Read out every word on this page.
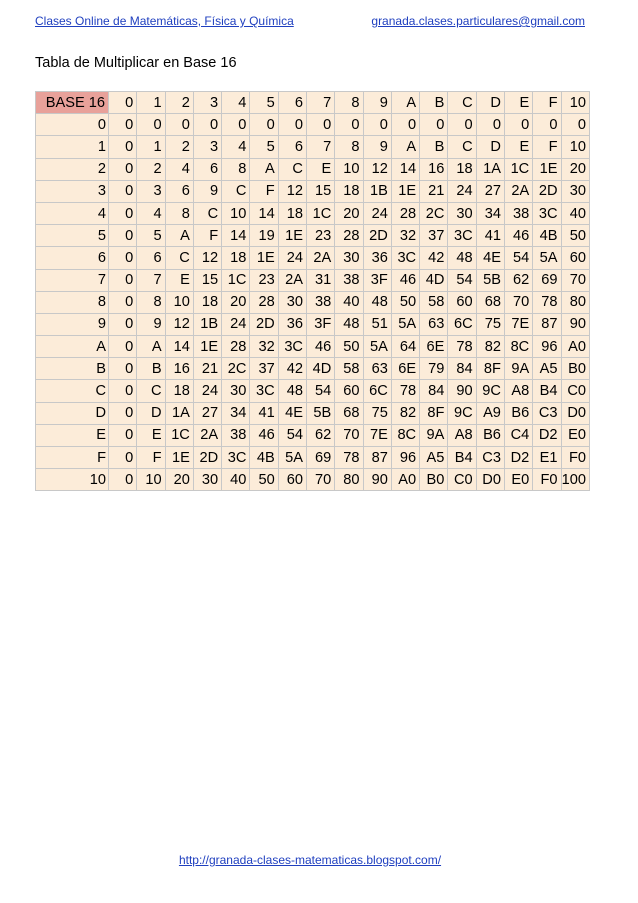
Clases Online de Matemáticas, Física y Química	granada.clases.particulares@gmail.com
Tabla de Multiplicar en Base 16
BASE 16	0	1	2	3	4	5	6	7	8	9	A	B	C	D	E	F	10
0	0	0	0	0	0	0	0	0	0	0	0	0	0	0	0	0	0
1	0	1	2	3	4	5	6	7	8	9	A	B	C	D	E	F	10
2	0	2	4	6	8	A	C	E	10	12	14	16	18	1A	1C	1E	20
3	0	3	6	9	C	F	12	15	18	1B	1E	21	24	27	2A	2D	30
4	0	4	8	C	10	14	18	1C	20	24	28	2C	30	34	38	3C	40
5	0	5	A	F	14	19	1E	23	28	2D	32	37	3C	41	46	4B	50
6	0	6	C	12	18	1E	24	2A	30	36	3C	42	48	4E	54	5A	60
7	0	7	E	15	1C	23	2A	31	38	3F	46	4D	54	5B	62	69	70
8	0	8	10	18	20	28	30	38	40	48	50	58	60	68	70	78	80
9	0	9	12	1B	24	2D	36	3F	48	51	5A	63	6C	75	7E	87	90
A	0	A	14	1E	28	32	3C	46	50	5A	64	6E	78	82	8C	96	A0
B	0	B	16	21	2C	37	42	4D	58	63	6E	79	84	8F	9A	A5	B0
C	0	C	18	24	30	3C	48	54	60	6C	78	84	90	9C	A8	B4	C0
D	0	D	1A	27	34	41	4E	5B	68	75	82	8F	9C	A9	B6	C3	D0
E	0	E	1C	2A	38	46	54	62	70	7E	8C	9A	A8	B6	C4	D2	E0
F	0	F	1E	2D	3C	4B	5A	69	78	87	96	A5	B4	C3	D2	E1	F0
10	0	10	20	30	40	50	60	70	80	90	A0	B0	C0	D0	E0	F0	100
http://granada-clases-matematicas.blogspot.com/
